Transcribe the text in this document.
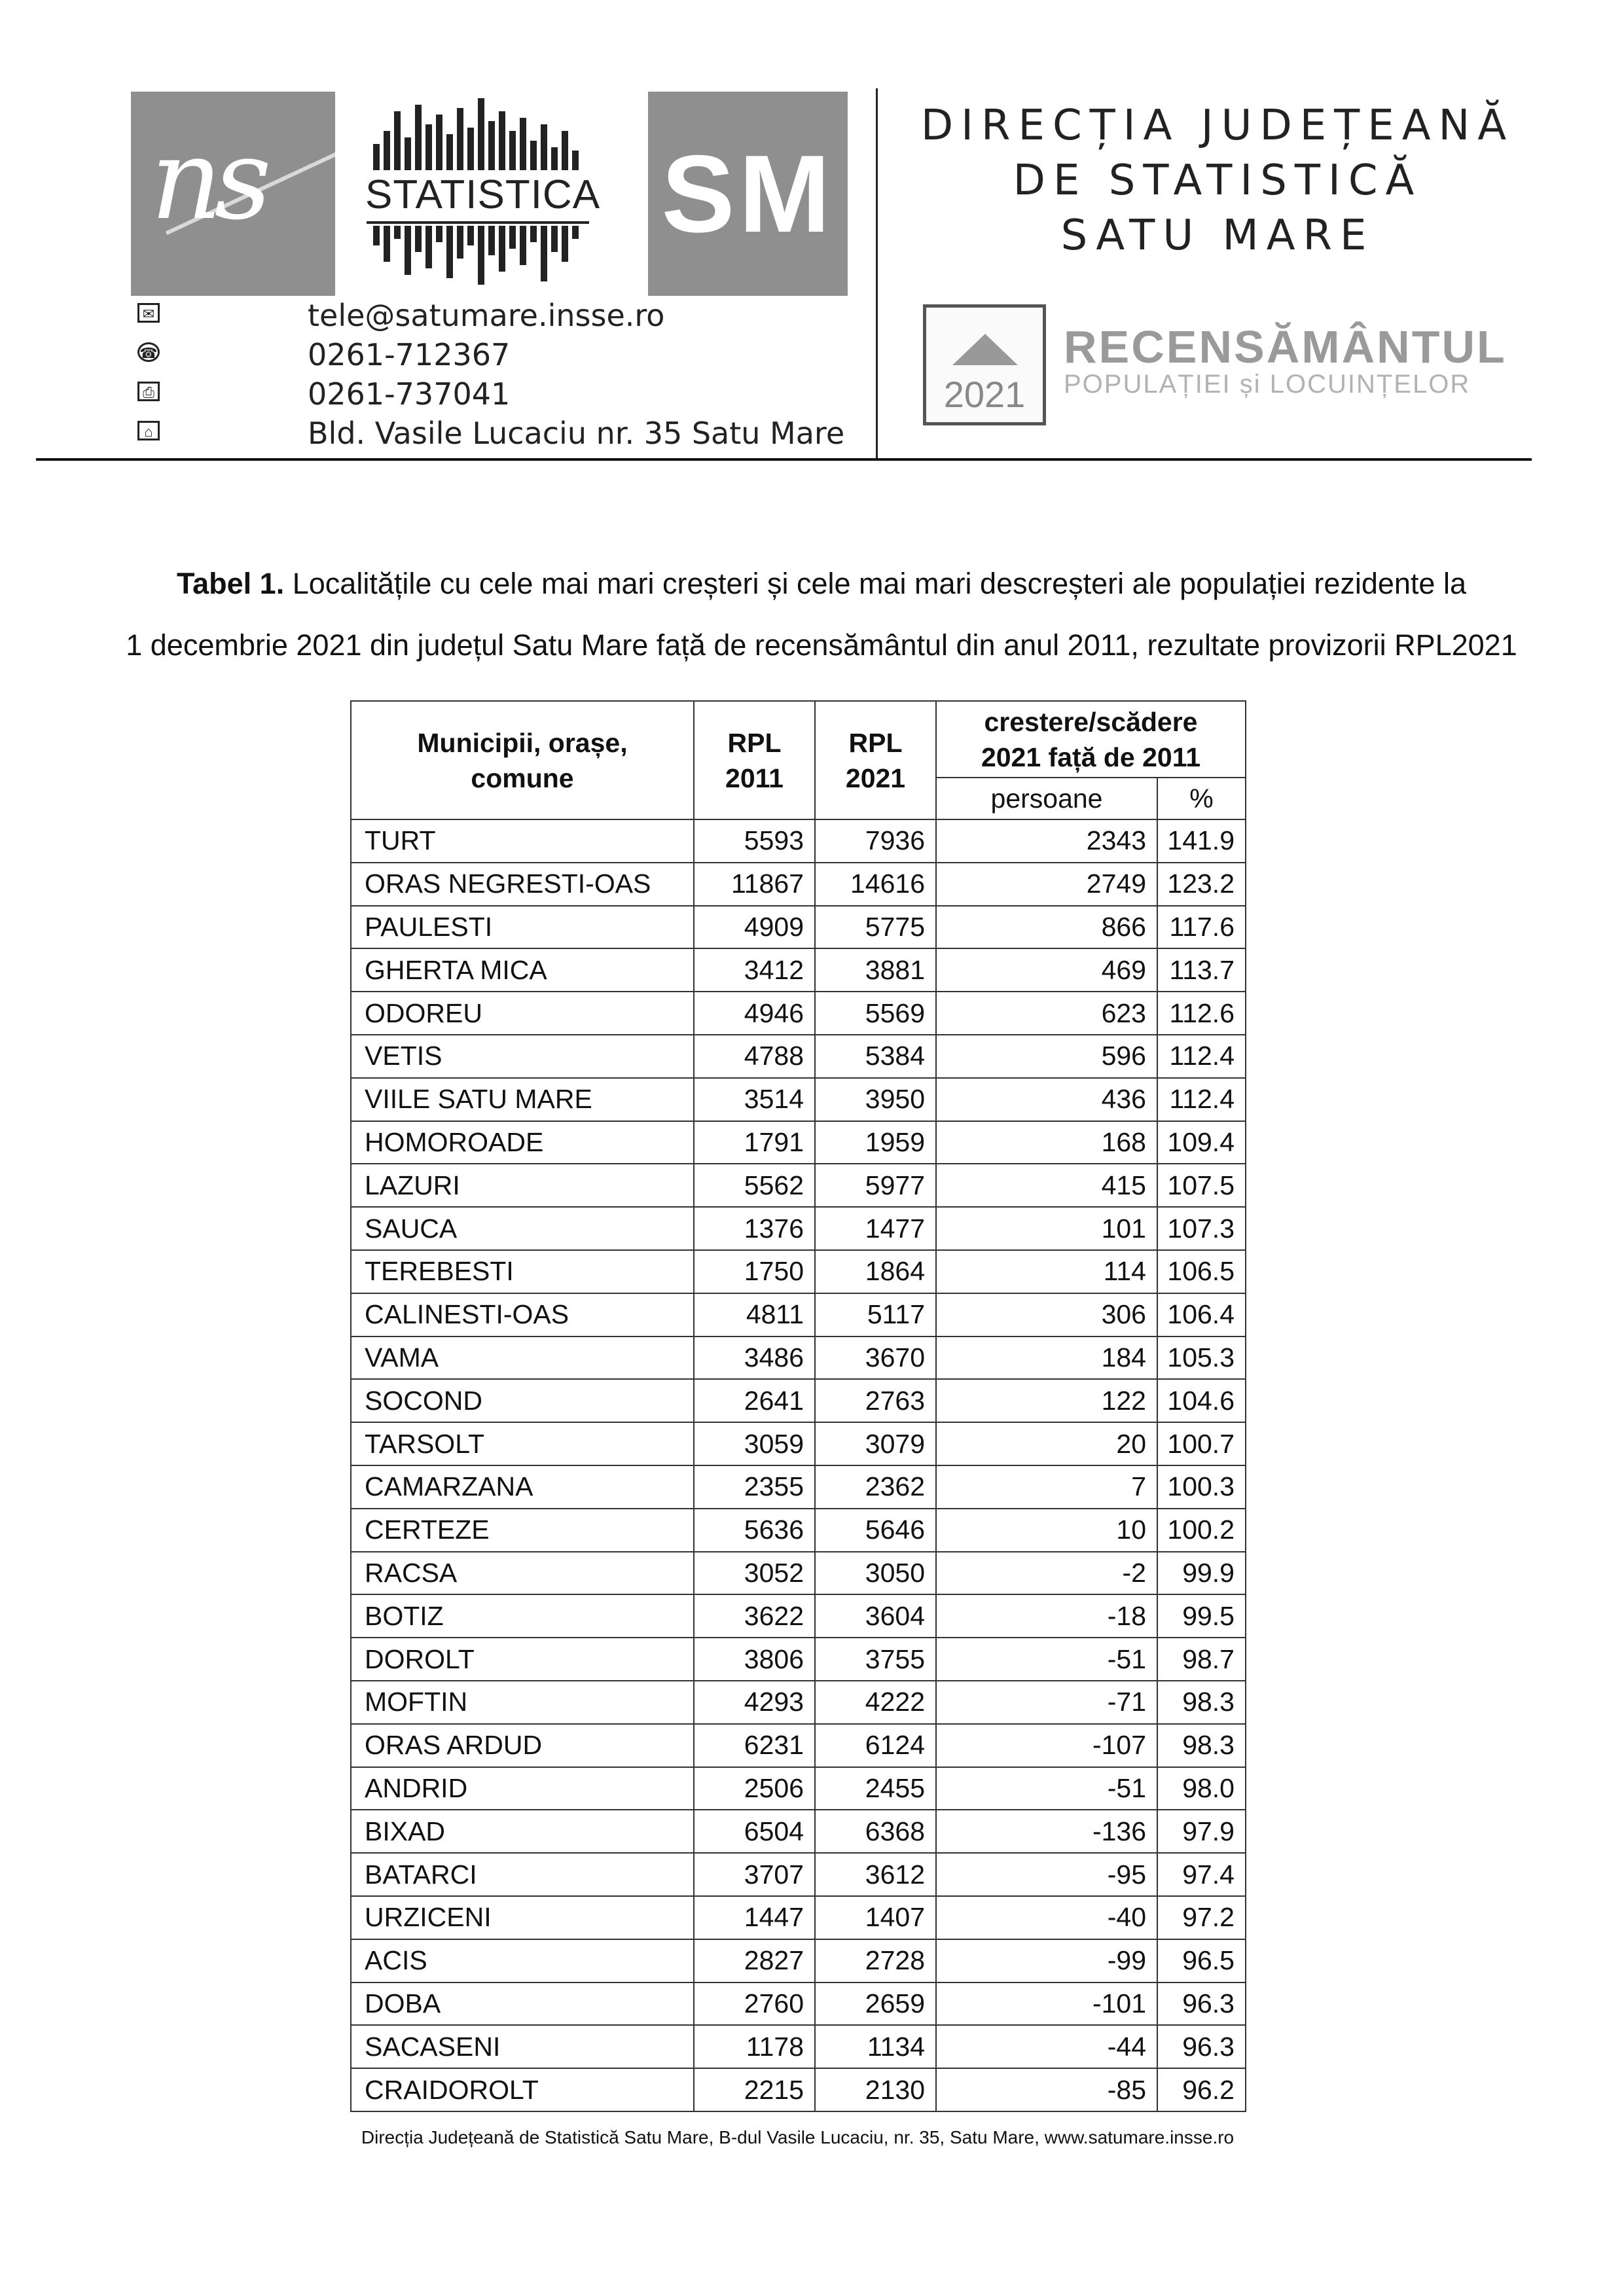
ns	STATISTICA SM
DIRECȚIA JUDEȚEANĂ
DE STATISTICĂ
SATU MARE
✉	tele@satumare.insse.ro
☎	0261-712367
⎙	0261-737041
⌂	Bld. Vasile Lucaciu nr. 35 Satu Mare
2021
RECENSĂMÂNTUL
POPULAȚIEI și LOCUINȚELOR
Tabel 1. Localitățile cu cele mai mari creșteri și cele mai mari descreșteri ale populației rezidente la
1 decembrie 2021 din județul Satu Mare față de recensământul din anul 2011, rezultate provizorii RPL2021
Municipii, orașe, comune	RPL 2011	RPL 2021	crestere/scădere 2021 față de 2011	
			persoane	%
TURT	5593	7936	2343	141.9
ORAS NEGRESTI-OAS	11867	14616	2749	123.2
PAULESTI	4909	5775	866	117.6
GHERTA MICA	3412	3881	469	113.7
ODOREU	4946	5569	623	112.6
VETIS	4788	5384	596	112.4
VIILE SATU MARE	3514	3950	436	112.4
HOMOROADE	1791	1959	168	109.4
LAZURI	5562	5977	415	107.5
SAUCA	1376	1477	101	107.3
TEREBESTI	1750	1864	114	106.5
CALINESTI-OAS	4811	5117	306	106.4
VAMA	3486	3670	184	105.3
SOCOND	2641	2763	122	104.6
TARSOLT	3059	3079	20	100.7
CAMARZANA	2355	2362	7	100.3
CERTEZE	5636	5646	10	100.2
RACSA	3052	3050	-2	99.9
BOTIZ	3622	3604	-18	99.5
DOROLT	3806	3755	-51	98.7
MOFTIN	4293	4222	-71	98.3
ORAS ARDUD	6231	6124	-107	98.3
ANDRID	2506	2455	-51	98.0
BIXAD	6504	6368	-136	97.9
BATARCI	3707	3612	-95	97.4
URZICENI	1447	1407	-40	97.2
ACIS	2827	2728	-99	96.5
DOBA	2760	2659	-101	96.3
SACASENI	1178	1134	-44	96.3
CRAIDOROLT	2215	2130	-85	96.2
Direcția Județeană de Statistică Satu Mare, B-dul Vasile Lucaciu, nr. 35, Satu Mare, www.satumare.insse.ro
